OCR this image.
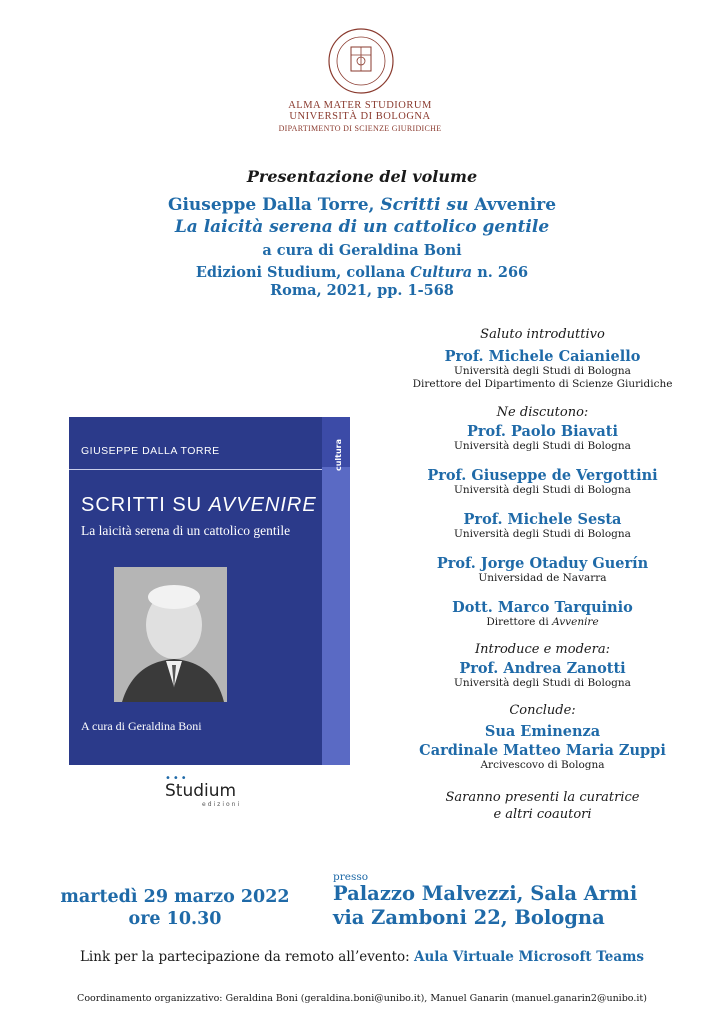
ALMA MATER STUDIORUM
UNIVERSITÀ DI BOLOGNA
DIPARTIMENTO DI SCIENZE GIURIDICHE
Presentazione del volume
Giuseppe Dalla Torre, Scritti su Avvenire
La laicità serena di un cattolico gentile
a cura di Geraldina Boni
Edizioni Studium, collana Cultura n. 266
Roma, 2021, pp. 1-568
Saluto introduttivo
Prof. Michele Caianiello
Università degli Studi di Bologna
Direttore del Dipartimento di Scienze Giuridiche
Ne discutono:
Prof. Paolo Biavati
Università degli Studi di Bologna
Prof. Giuseppe de Vergottini
Università degli Studi di Bologna
Prof. Michele Sesta
Università degli Studi di Bologna
Prof. Jorge Otaduy Guerín
Universidad de Navarra
Dott. Marco Tarquinio
Direttore di Avvenire
Introduce e modera:
Prof. Andrea Zanotti
Università degli Studi di Bologna
Conclude:
Sua Eminenza
Cardinale Matteo Maria Zuppi
Arcivescovo di Bologna
Saranno presenti la curatrice
e altri coautori
cultura
GIUSEPPE DALLA TORRE
SCRITTI SU AVVENIRE
La laicità serena di un cattolico gentile
A cura di Geraldina Boni
•••
Studium
edizioni
martedì 29 marzo 2022
ore 10.30
presso
Palazzo Malvezzi, Sala Armi
via Zamboni 22, Bologna
Link per la partecipazione da remoto all’evento: Aula Virtuale Microsoft Teams
Coordinamento organizzativo: Geraldina Boni (geraldina.boni@unibo.it), Manuel Ganarin (manuel.ganarin2@unibo.it)
